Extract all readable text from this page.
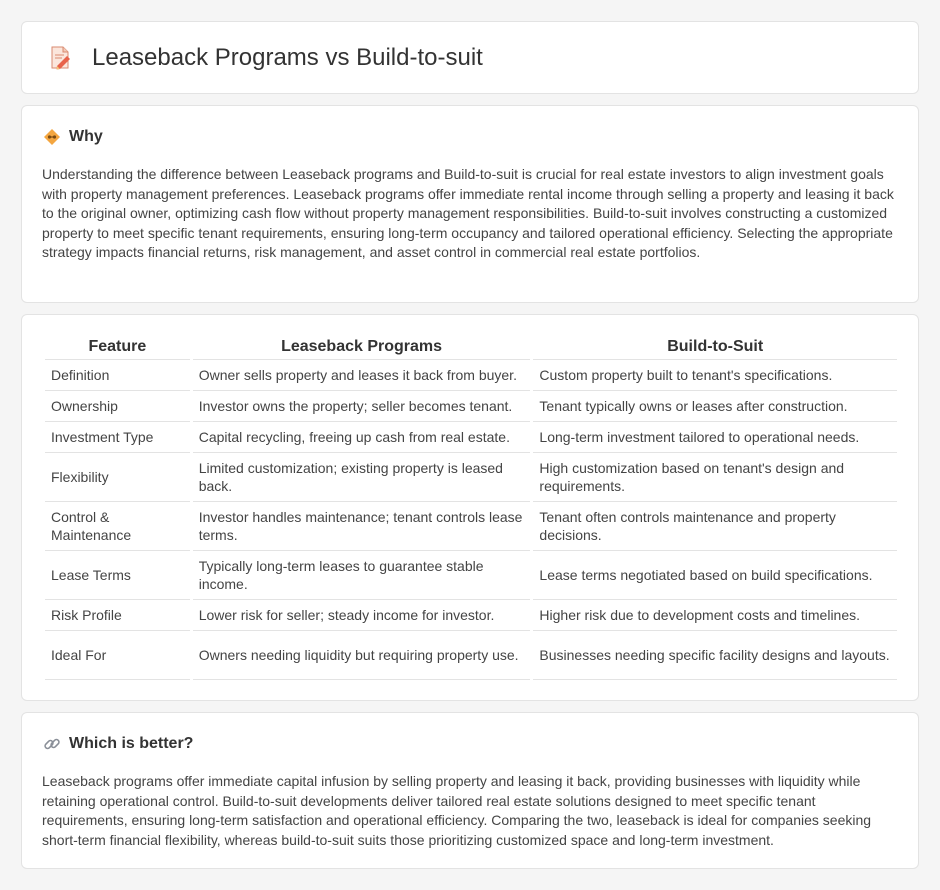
Leaseback Programs vs Build-to-suit
Why

Understanding the difference between Leaseback programs and Build-to-suit is crucial for real estate investors to align investment goals with property management preferences. Leaseback programs offer immediate rental income through selling a property and leasing it back to the original owner, optimizing cash flow without property management responsibilities. Build-to-suit involves constructing a customized property to meet specific tenant requirements, ensuring long-term occupancy and tailored operational efficiency. Selecting the appropriate strategy impacts financial returns, risk management, and asset control in commercial real estate portfolios.

Feature	Leaseback Programs	Build-to-Suit
Definition	Owner sells property and leases it back from buyer.	Custom property built to tenant's specifications.
Ownership	Investor owns the property; seller becomes tenant.	Tenant typically owns or leases after construction.
Investment Type	Capital recycling, freeing up cash from real estate.	Long-term investment tailored to operational needs.
Flexibility	Limited customization; existing property is leased back.	High customization based on tenant's design and requirements.
Control & Maintenance	Investor handles maintenance; tenant controls lease terms.	Tenant often controls maintenance and property decisions.
Lease Terms	Typically long-term leases to guarantee stable income.	Lease terms negotiated based on build specifications.
Risk Profile	Lower risk for seller; steady income for investor.	Higher risk due to development costs and timelines.
Ideal For	Owners needing liquidity but requiring property use.	Businesses needing specific facility designs and layouts.
Which is better?

Leaseback programs offer immediate capital infusion by selling property and leasing it back, providing businesses with liquidity while retaining operational control. Build-to-suit developments deliver tailored real estate solutions designed to meet specific tenant requirements, ensuring long-term satisfaction and operational efficiency. Comparing the two, leaseback is ideal for companies seeking short-term financial flexibility, whereas build-to-suit suits those prioritizing customized space and long-term investment.
